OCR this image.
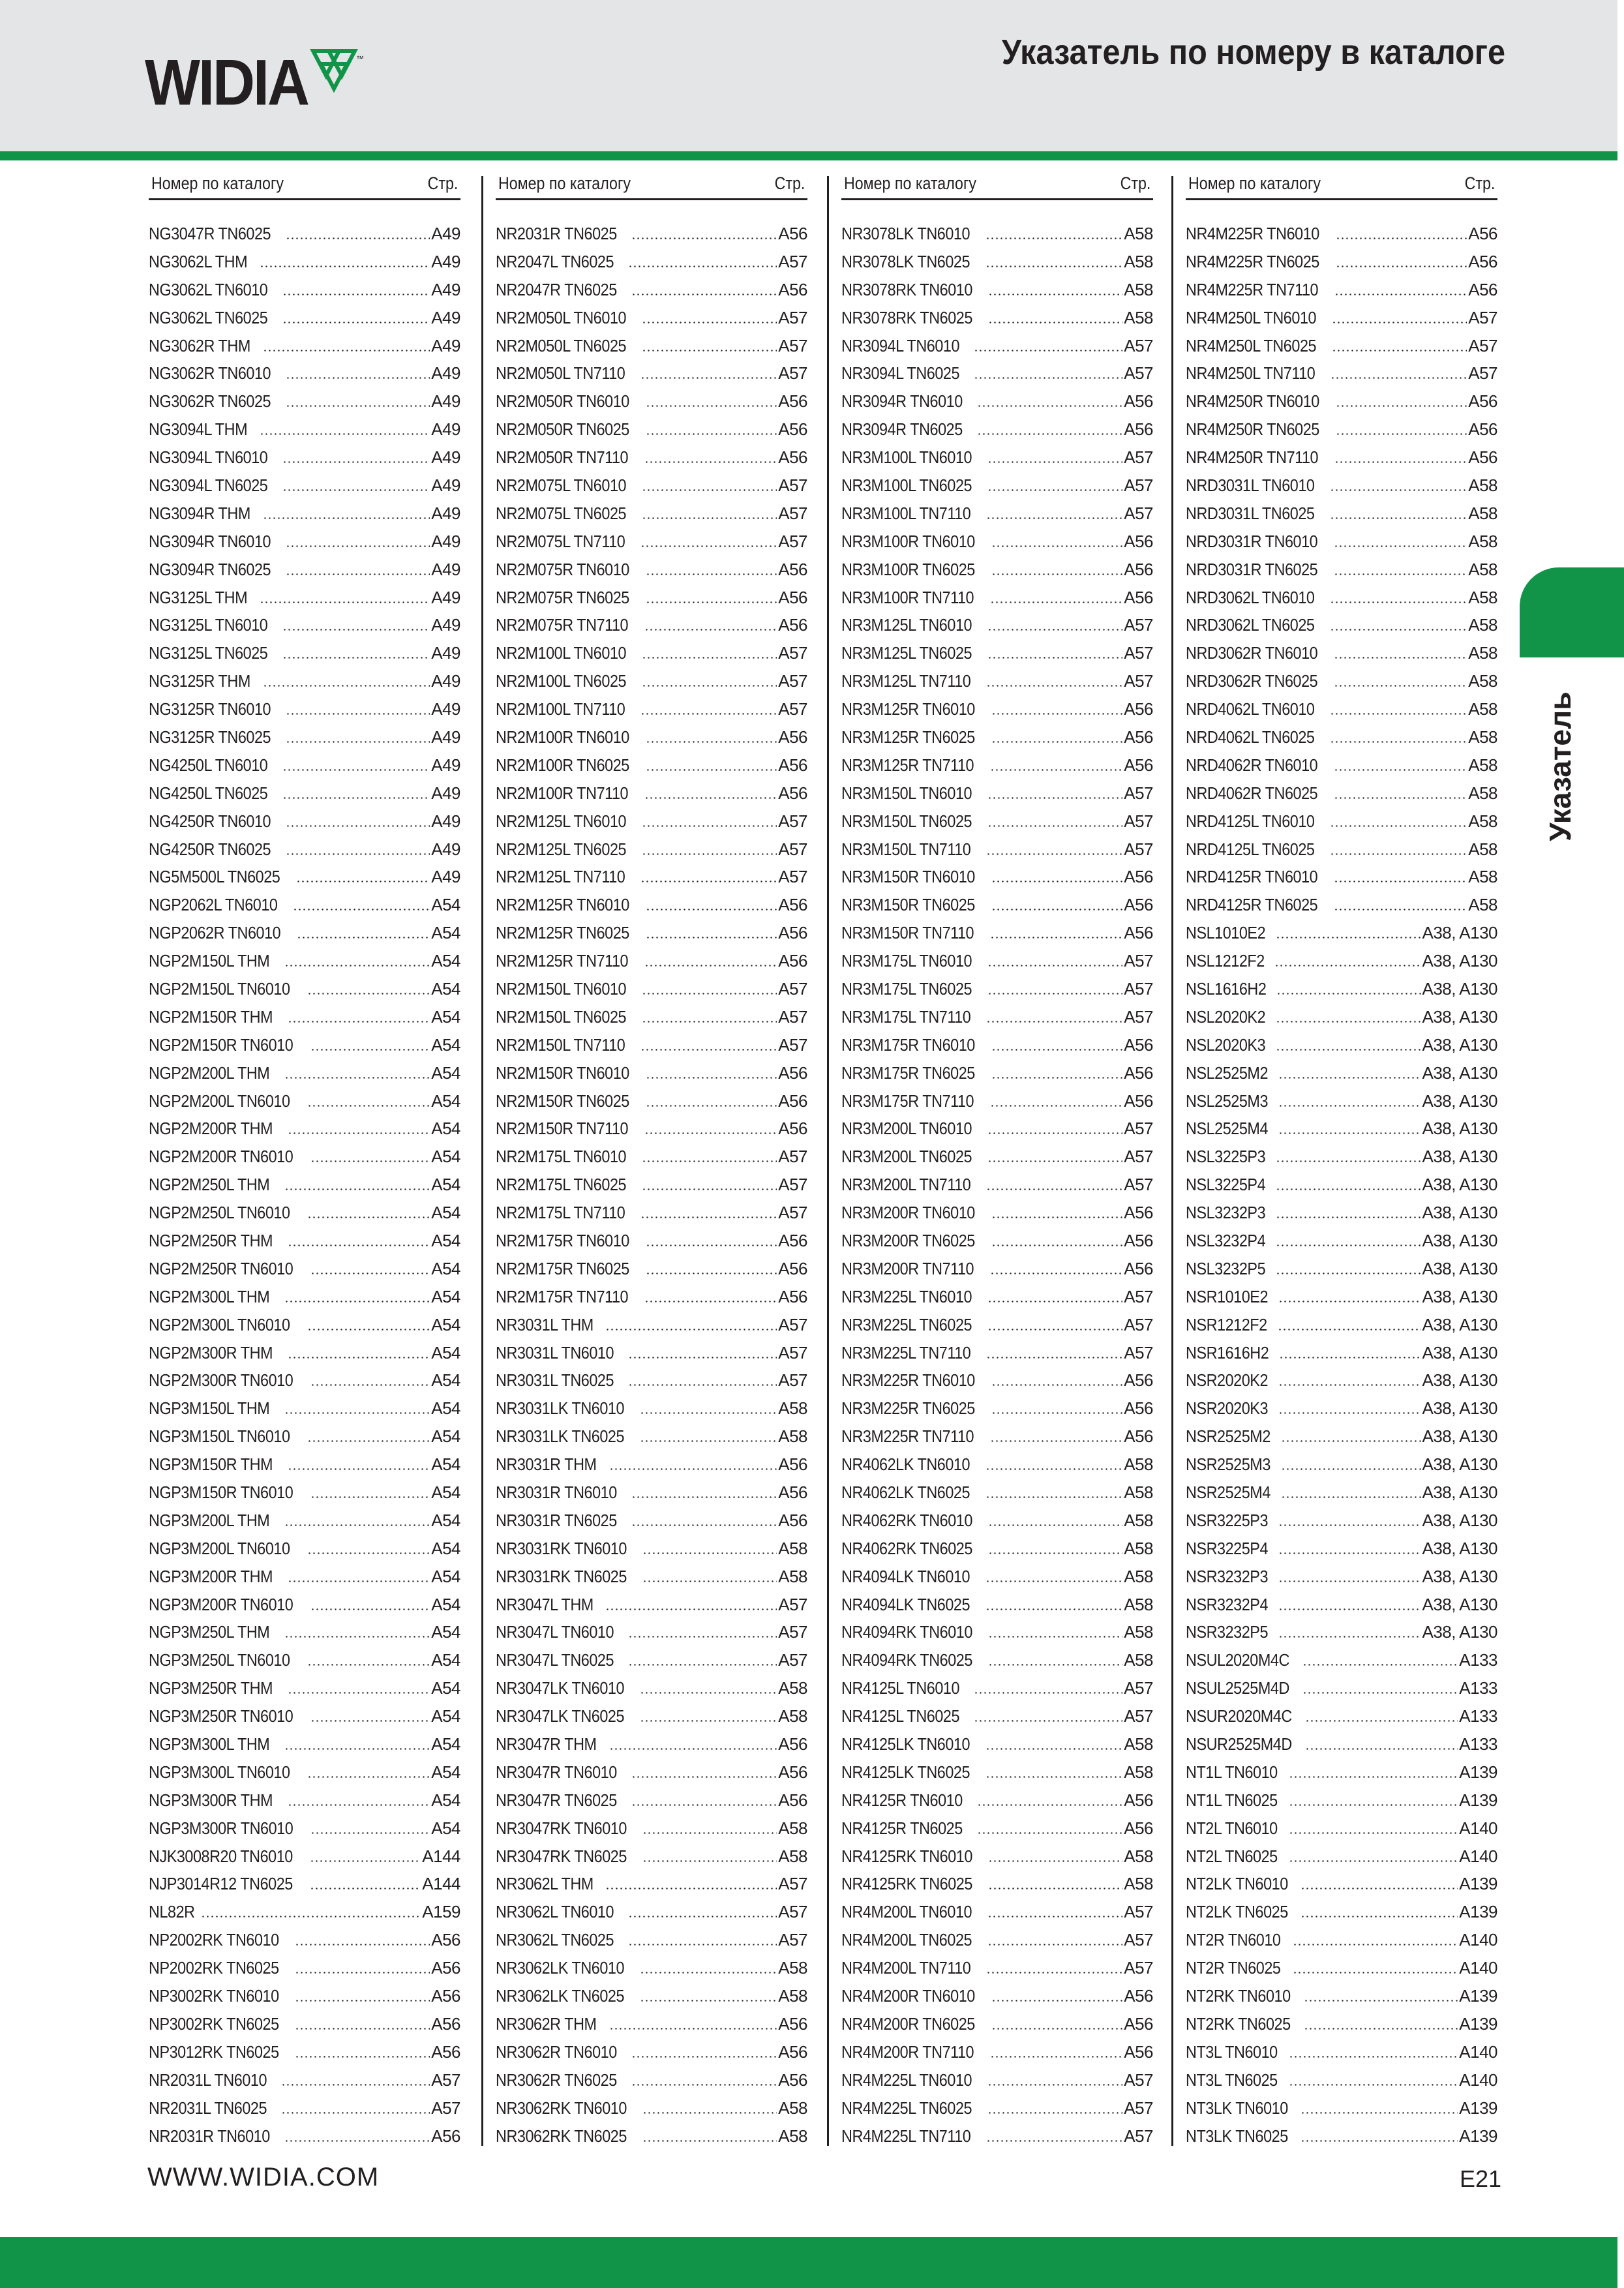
WIDIA	™	Указатель по номеру в каталоге
Номер по каталогу	Стр.
NG3047R TN6025	A49
NG3062L THM	A49
NG3062L TN6010	A49
NG3062L TN6025	A49
NG3062R THM	A49
NG3062R TN6010	A49
NG3062R TN6025	A49
NG3094L THM	A49
NG3094L TN6010	A49
NG3094L TN6025	A49
NG3094R THM	A49
NG3094R TN6010	A49
NG3094R TN6025	A49
NG3125L THM	A49
NG3125L TN6010	A49
NG3125L TN6025	A49
NG3125R THM	A49
NG3125R TN6010	A49
NG3125R TN6025	A49
NG4250L TN6010	A49
NG4250L TN6025	A49
NG4250R TN6010	A49
NG4250R TN6025	A49
NG5M500L TN6025	A49
NGP2062L TN6010	A54
NGP2062R TN6010	A54
NGP2M150L THM	A54
NGP2M150L TN6010	A54
NGP2M150R THM	A54
NGP2M150R TN6010	A54
NGP2M200L THM	A54
NGP2M200L TN6010	A54
NGP2M200R THM	A54
NGP2M200R TN6010	A54
NGP2M250L THM	A54
NGP2M250L TN6010	A54
NGP2M250R THM	A54
NGP2M250R TN6010	A54
NGP2M300L THM	A54
NGP2M300L TN6010	A54
NGP2M300R THM	A54
NGP2M300R TN6010	A54
NGP3M150L THM	A54
NGP3M150L TN6010	A54
NGP3M150R THM	A54
NGP3M150R TN6010	A54
NGP3M200L THM	A54
NGP3M200L TN6010	A54
NGP3M200R THM	A54
NGP3M200R TN6010	A54
NGP3M250L THM	A54
NGP3M250L TN6010	A54
NGP3M250R THM	A54
NGP3M250R TN6010	A54
NGP3M300L THM	A54
NGP3M300L TN6010	A54
NGP3M300R THM	A54
NGP3M300R TN6010	A54
NJK3008R20 TN6010	A144
NJP3014R12 TN6025	A144
NL82R	A159
NP2002RK TN6010	A56
NP2002RK TN6025	A56
NP3002RK TN6010	A56
NP3002RK TN6025	A56
NP3012RK TN6025	A56
NR2031L TN6010	A57
NR2031L TN6025	A57
NR2031R TN6010	A56
Номер по каталогу	Стр.
NR2031R TN6025	A56
NR2047L TN6025	A57
NR2047R TN6025	A56
NR2M050L TN6010	A57
NR2M050L TN6025	A57
NR2M050L TN7110	A57
NR2M050R TN6010	A56
NR2M050R TN6025	A56
NR2M050R TN7110	A56
NR2M075L TN6010	A57
NR2M075L TN6025	A57
NR2M075L TN7110	A57
NR2M075R TN6010	A56
NR2M075R TN6025	A56
NR2M075R TN7110	A56
NR2M100L TN6010	A57
NR2M100L TN6025	A57
NR2M100L TN7110	A57
NR2M100R TN6010	A56
NR2M100R TN6025	A56
NR2M100R TN7110	A56
NR2M125L TN6010	A57
NR2M125L TN6025	A57
NR2M125L TN7110	A57
NR2M125R TN6010	A56
NR2M125R TN6025	A56
NR2M125R TN7110	A56
NR2M150L TN6010	A57
NR2M150L TN6025	A57
NR2M150L TN7110	A57
NR2M150R TN6010	A56
NR2M150R TN6025	A56
NR2M150R TN7110	A56
NR2M175L TN6010	A57
NR2M175L TN6025	A57
NR2M175L TN7110	A57
NR2M175R TN6010	A56
NR2M175R TN6025	A56
NR2M175R TN7110	A56
NR3031L THM	A57
NR3031L TN6010	A57
NR3031L TN6025	A57
NR3031LK TN6010	A58
NR3031LK TN6025	A58
NR3031R THM	A56
NR3031R TN6010	A56
NR3031R TN6025	A56
NR3031RK TN6010	A58
NR3031RK TN6025	A58
NR3047L THM	A57
NR3047L TN6010	A57
NR3047L TN6025	A57
NR3047LK TN6010	A58
NR3047LK TN6025	A58
NR3047R THM	A56
NR3047R TN6010	A56
NR3047R TN6025	A56
NR3047RK TN6010	A58
NR3047RK TN6025	A58
NR3062L THM	A57
NR3062L TN6010	A57
NR3062L TN6025	A57
NR3062LK TN6010	A58
NR3062LK TN6025	A58
NR3062R THM	A56
NR3062R TN6010	A56
NR3062R TN6025	A56
NR3062RK TN6010	A58
NR3062RK TN6025	A58
Номер по каталогу	Стр.
NR3078LK TN6010	A58
NR3078LK TN6025	A58
NR3078RK TN6010	A58
NR3078RK TN6025	A58
NR3094L TN6010	A57
NR3094L TN6025	A57
NR3094R TN6010	A56
NR3094R TN6025	A56
NR3M100L TN6010	A57
NR3M100L TN6025	A57
NR3M100L TN7110	A57
NR3M100R TN6010	A56
NR3M100R TN6025	A56
NR3M100R TN7110	A56
NR3M125L TN6010	A57
NR3M125L TN6025	A57
NR3M125L TN7110	A57
NR3M125R TN6010	A56
NR3M125R TN6025	A56
NR3M125R TN7110	A56
NR3M150L TN6010	A57
NR3M150L TN6025	A57
NR3M150L TN7110	A57
NR3M150R TN6010	A56
NR3M150R TN6025	A56
NR3M150R TN7110	A56
NR3M175L TN6010	A57
NR3M175L TN6025	A57
NR3M175L TN7110	A57
NR3M175R TN6010	A56
NR3M175R TN6025	A56
NR3M175R TN7110	A56
NR3M200L TN6010	A57
NR3M200L TN6025	A57
NR3M200L TN7110	A57
NR3M200R TN6010	A56
NR3M200R TN6025	A56
NR3M200R TN7110	A56
NR3M225L TN6010	A57
NR3M225L TN6025	A57
NR3M225L TN7110	A57
NR3M225R TN6010	A56
NR3M225R TN6025	A56
NR3M225R TN7110	A56
NR4062LK TN6010	A58
NR4062LK TN6025	A58
NR4062RK TN6010	A58
NR4062RK TN6025	A58
NR4094LK TN6010	A58
NR4094LK TN6025	A58
NR4094RK TN6010	A58
NR4094RK TN6025	A58
NR4125L TN6010	A57
NR4125L TN6025	A57
NR4125LK TN6010	A58
NR4125LK TN6025	A58
NR4125R TN6010	A56
NR4125R TN6025	A56
NR4125RK TN6010	A58
NR4125RK TN6025	A58
NR4M200L TN6010	A57
NR4M200L TN6025	A57
NR4M200L TN7110	A57
NR4M200R TN6010	A56
NR4M200R TN6025	A56
NR4M200R TN7110	A56
NR4M225L TN6010	A57
NR4M225L TN6025	A57
NR4M225L TN7110	A57
Номер по каталогу	Стр.
NR4M225R TN6010	A56
NR4M225R TN6025	A56
NR4M225R TN7110	A56
NR4M250L TN6010	A57
NR4M250L TN6025	A57
NR4M250L TN7110	A57
NR4M250R TN6010	A56
NR4M250R TN6025	A56
NR4M250R TN7110	A56
NRD3031L TN6010	A58
NRD3031L TN6025	A58
NRD3031R TN6010	A58
NRD3031R TN6025	A58
NRD3062L TN6010	A58
NRD3062L TN6025	A58
NRD3062R TN6010	A58
NRD3062R TN6025	A58
NRD4062L TN6010	A58
NRD4062L TN6025	A58
NRD4062R TN6010	A58
NRD4062R TN6025	A58
NRD4125L TN6010	A58
NRD4125L TN6025	A58
NRD4125R TN6010	A58
NRD4125R TN6025	A58
NSL1010E2	A38, A130
NSL1212F2	A38, A130
NSL1616H2	A38, A130
NSL2020K2	A38, A130
NSL2020K3	A38, A130
NSL2525M2	A38, A130
NSL2525M3	A38, A130
NSL2525M4	A38, A130
NSL3225P3	A38, A130
NSL3225P4	A38, A130
NSL3232P3	A38, A130
NSL3232P4	A38, A130
NSL3232P5	A38, A130
NSR1010E2	A38, A130
NSR1212F2	A38, A130
NSR1616H2	A38, A130
NSR2020K2	A38, A130
NSR2020K3	A38, A130
NSR2525M2	A38, A130
NSR2525M3	A38, A130
NSR2525M4	A38, A130
NSR3225P3	A38, A130
NSR3225P4	A38, A130
NSR3232P3	A38, A130
NSR3232P4	A38, A130
NSR3232P5	A38, A130
NSUL2020M4C	A133
NSUL2525M4D	A133
NSUR2020M4C	A133
NSUR2525M4D	A133
NT1L TN6010	A139
NT1L TN6025	A139
NT2L TN6010	A140
NT2L TN6025	A140
NT2LK TN6010	A139
NT2LK TN6025	A139
NT2R TN6010	A140
NT2R TN6025	A140
NT2RK TN6010	A139
NT2RK TN6025	A139
NT3L TN6010	A140
NT3L TN6025	A140
NT3LK TN6010	A139
NT3LK TN6025	A139
Указатель
WWW.WIDIA.COM	E21
